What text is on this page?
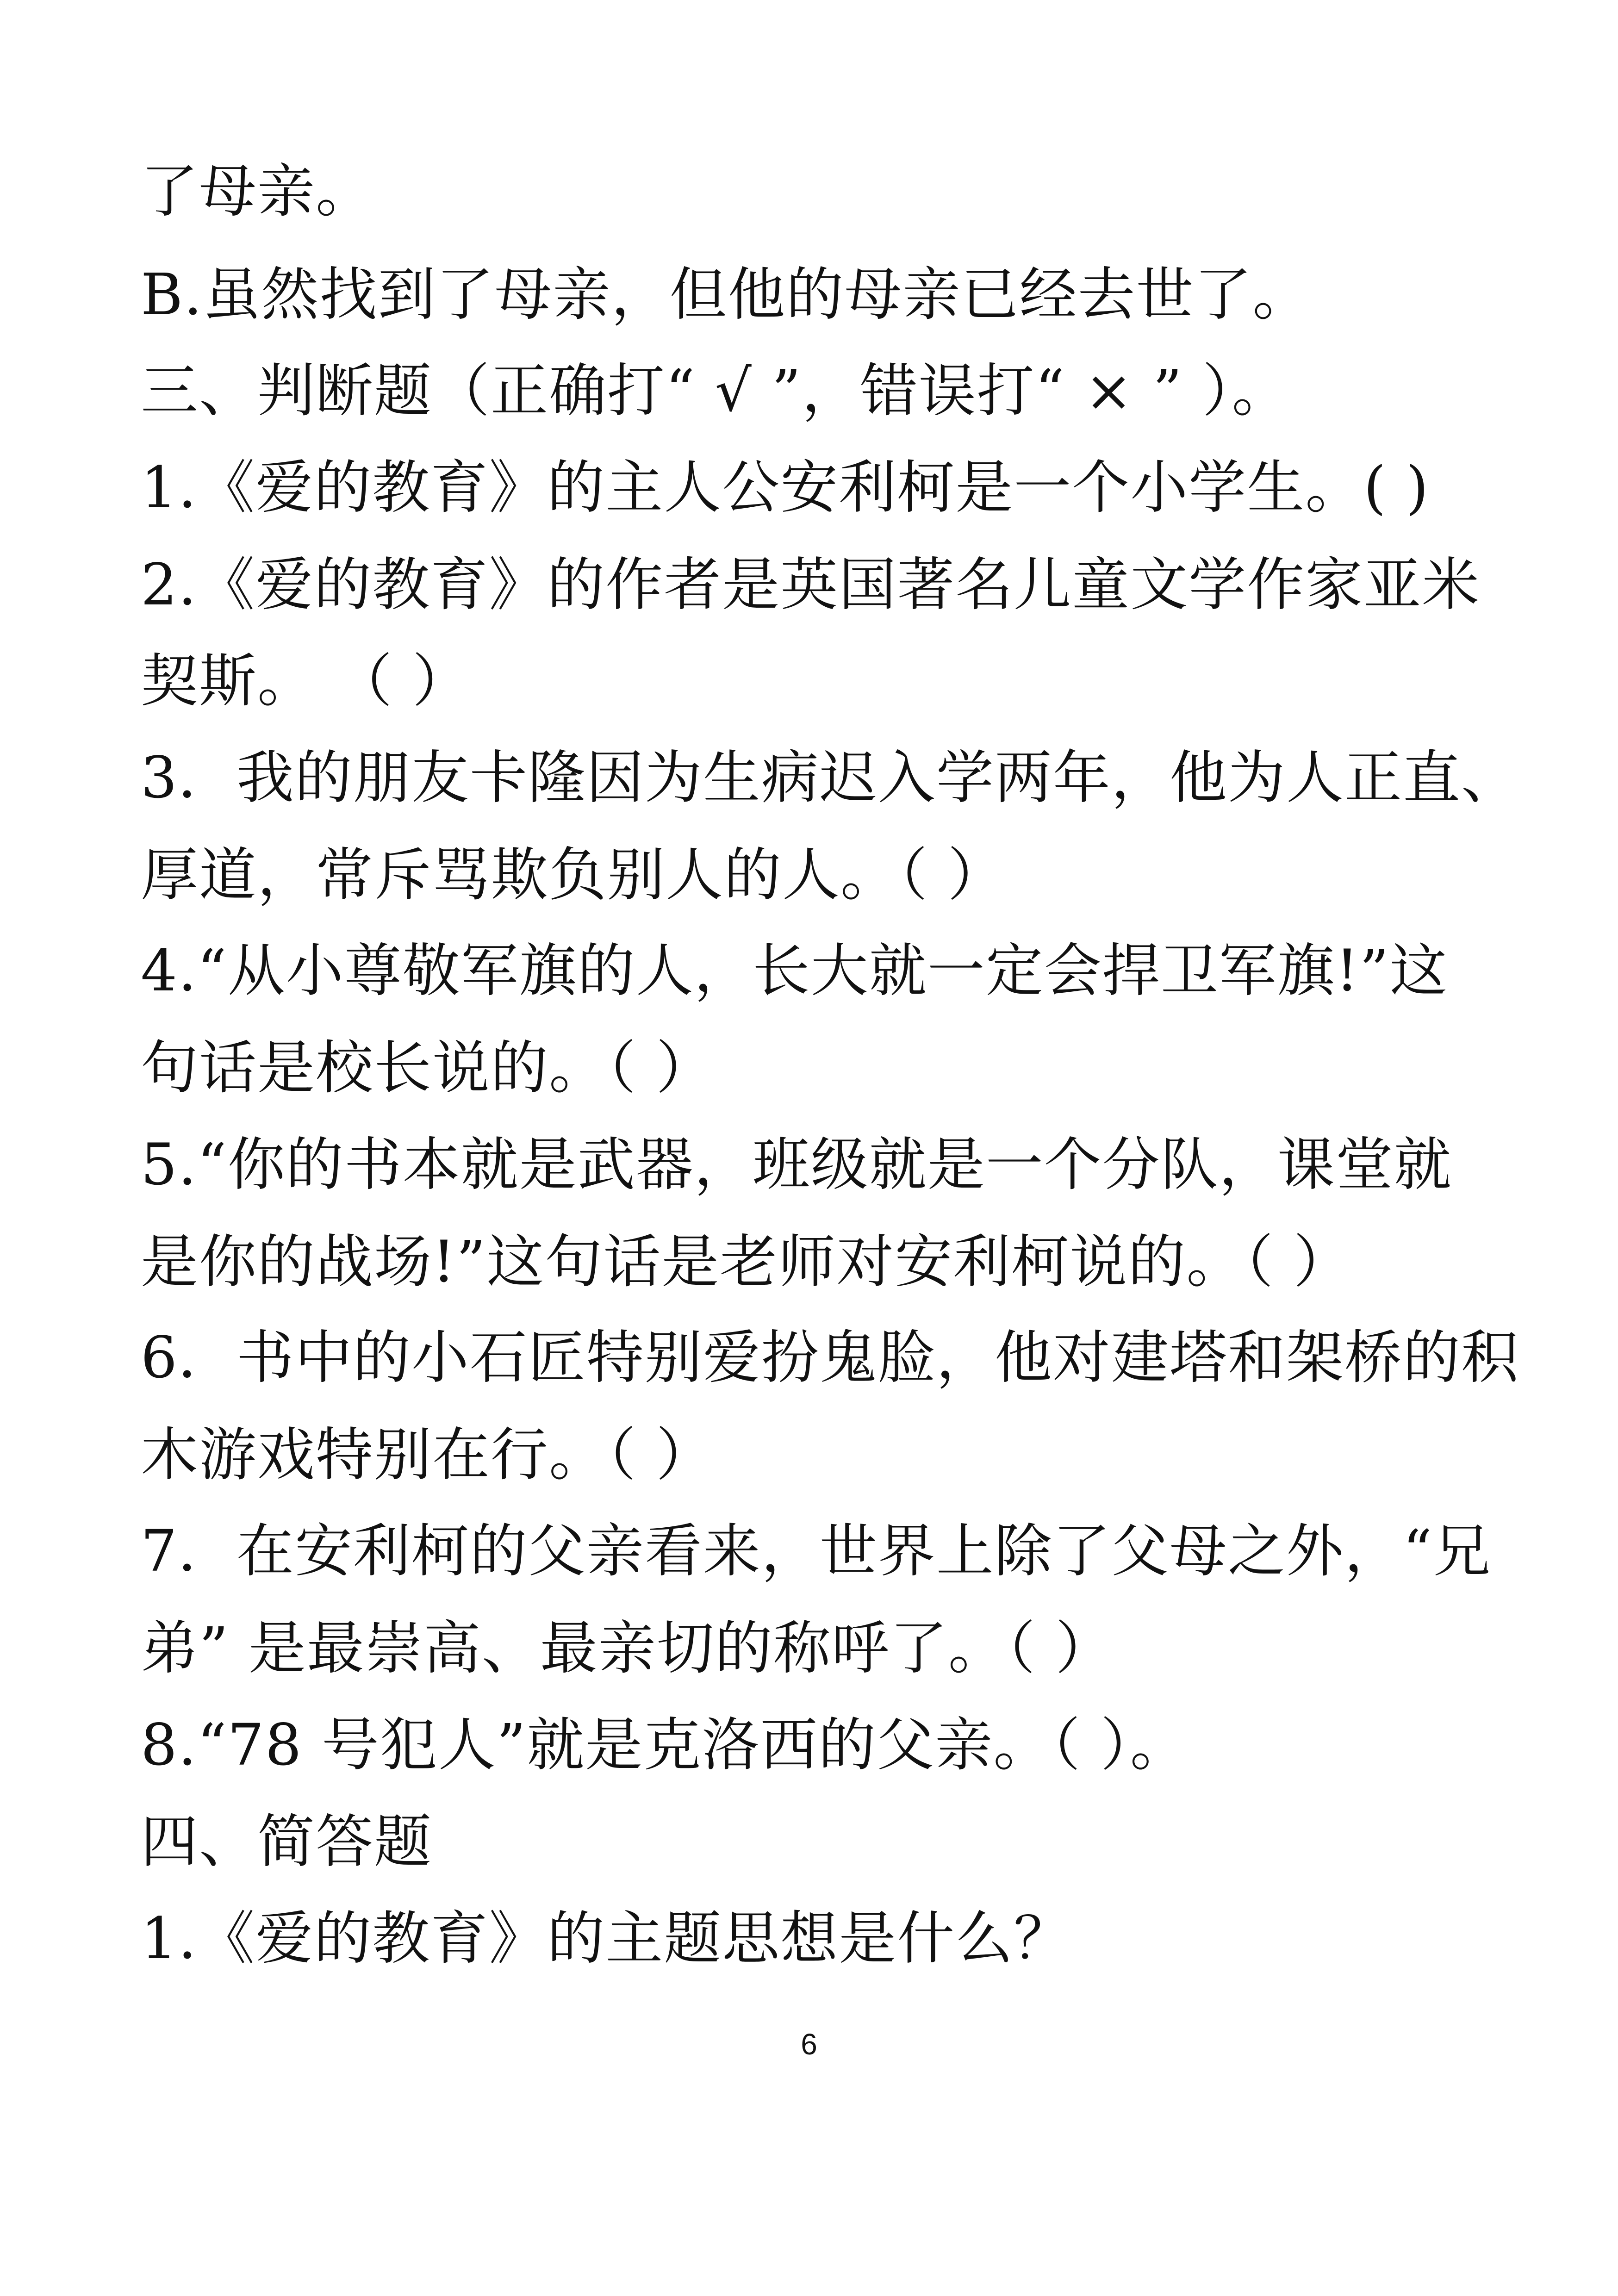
了母亲。
B.虽然找到了母亲，但他的母亲已经去世了。
三、判断题（正确打“ √ ”，错误打“ × ” ）。
1.《爱的教育》的主人公安利柯是一个小学生。( )
2.《爱的教育》的作者是英国著名儿童文学作家亚米
契斯。 （ ）
3．我的朋友卡隆因为生病迟入学两年，他为人正直、
厚道，常斥骂欺负别人的人。（ ）
4.“从小尊敬军旗的人，长大就一定会捍卫军旗!”这
句话是校长说的。（ ）
5.“你的书本就是武器，班级就是一个分队，课堂就
是你的战场!”这句话是老师对安利柯说的。（ ）
6．书中的小石匠特别爱扮鬼脸，他对建塔和架桥的积
木游戏特别在行。（ ）
7．在安利柯的父亲看来，世界上除了父母之外，“兄
弟” 是最崇高、最亲切的称呼了。（ ）
8.“78 号犯人”就是克洛西的父亲。（ ）。
四、简答题
1.《爱的教育》的主题思想是什么？
6
